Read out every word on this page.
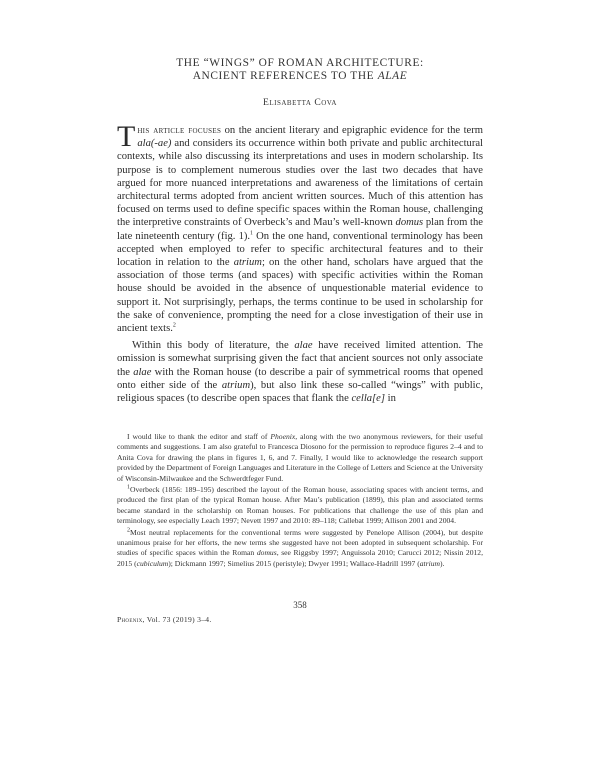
THE “WINGS” OF ROMAN ARCHITECTURE:
ANCIENT REFERENCES TO THE ALAE
Elisabetta Cova

This article focuses on the ancient literary and epigraphic evidence for the term ala(-ae) and considers its occurrence within both private and public architectural contexts, while also discussing its interpretations and uses in modern scholarship. Its purpose is to complement numerous studies over the last two decades that have argued for more nuanced interpretations and awareness of the limitations of certain architectural terms adopted from ancient written sources. Much of this attention has focused on terms used to define specific spaces within the Roman house, challenging the interpretive constraints of Overbeck’s and Mau’s well-known domus plan from the late nineteenth century (fig. 1).$^1$ On the one hand, conventional terminology has been accepted when employed to refer to specific architectural features and to their location in relation to the atrium; on the other hand, scholars have argued that the association of those terms (and spaces) with specific activities within the Roman house should be avoided in the absence of unquestionable material evidence to support it. Not surprisingly, perhaps, the terms continue to be used in scholarship for the sake of convenience, prompting the need for a close investigation of their use in ancient texts.$^2$

Within this body of literature, the alae have received limited attention. The omission is somewhat surprising given the fact that ancient sources not only associate the alae with the Roman house (to describe a pair of symmetrical rooms that opened onto either side of the atrium), but also link these so-called “wings” with public, religious spaces (to describe open spaces that flank the cella[e] in

I would like to thank the editor and staff of Phoenix, along with the two anonymous reviewers, for their useful comments and suggestions. I am also grateful to Francesca Diosono for the permission to reproduce figures 2–4 and to Anita Cova for drawing the plans in figures 1, 6, and 7. Finally, I would like to acknowledge the research support provided by the Department of Foreign Languages and Literature in the College of Letters and Science at the University of Wisconsin-Milwaukee and the Schwerdtfeger Fund.

$^1$Overbeck (1856: 189–195) described the layout of the Roman house, associating spaces with ancient terms, and produced the first plan of the typical Roman house. After Mau’s publication (1899), this plan and associated terms became standard in the scholarship on Roman houses. For publications that challenge the use of this plan and terminology, see especially Leach 1997; Nevett 1997 and 2010: 89–118; Callebat 1999; Allison 2001 and 2004.

$^2$Most neutral replacements for the conventional terms were suggested by Penelope Allison (2004), but despite unanimous praise for her efforts, the new terms she suggested have not been adopted in subsequent scholarship. For studies of specific spaces within the Roman domus, see Riggsby 1997; Anguissola 2010; Carucci 2012; Nissin 2012, 2015 (cubiculum); Dickmann 1997; Simelius 2015 (peristyle); Dwyer 1991; Wallace-Hadrill 1997 (atrium).

358
Phoenix, Vol. 73 (2019) 3–4.
